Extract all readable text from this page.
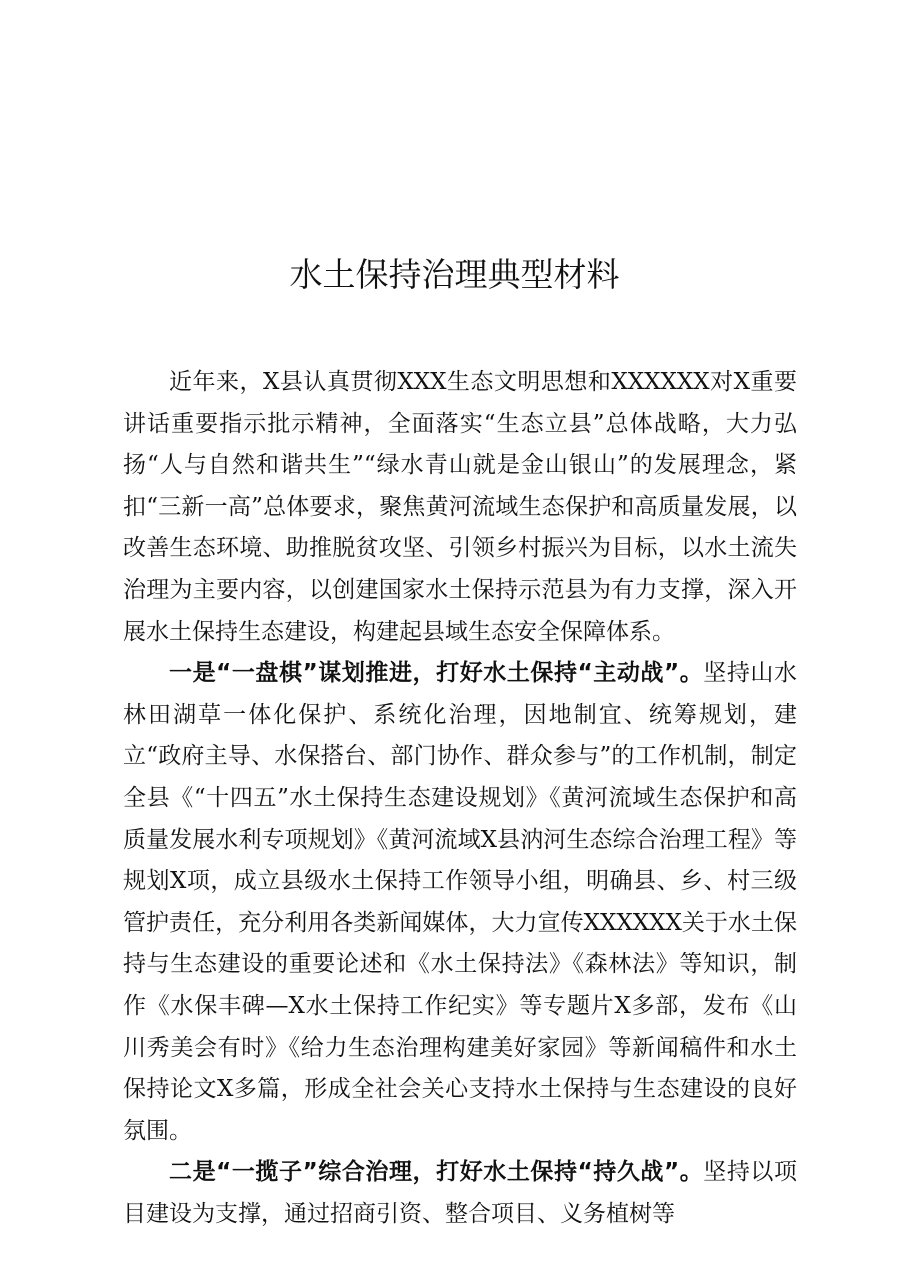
水土保持治理典型材料

近年来，X县认真贯彻XXX生态文明思想和XXXXXX对X重要讲话重要指示批示精神，全面落实“生态立县”总体战略，大力弘扬“人与自然和谐共生”“绿水青山就是金山银山”的发展理念，紧扣“三新一高”总体要求，聚焦黄河流域生态保护和高质量发展，以改善生态环境、助推脱贫攻坚、引领乡村振兴为目标，以水土流失治理为主要内容，以创建国家水土保持示范县为有力支撑，深入开展水土保持生态建设，构建起县域生态安全保障体系。

一是“一盘棋”谋划推进，打好水土保持“主动战”。坚持山水林田湖草一体化保护、系统化治理，因地制宜、统筹规划，建立“政府主导、水保搭台、部门协作、群众参与”的工作机制，制定全县《“十四五”水土保持生态建设规划》《黄河流域生态保护和高质量发展水利专项规划》《黄河流域X县汭河生态综合治理工程》等规划X项，成立县级水土保持工作领导小组，明确县、乡、村三级管护责任，充分利用各类新闻媒体，大力宣传XXXXXX关于水土保持与生态建设的重要论述和《水土保持法》《森林法》等知识，制作《水保丰碑—X水土保持工作纪实》等专题片X多部，发布《山川秀美会有时》《给力生态治理构建美好家园》等新闻稿件和水土保持论文X多篇，形成全社会关心支持水土保持与生态建设的良好氛围。

二是“一揽子”综合治理，打好水土保持“持久战”。坚持以项目建设为支撑，通过招商引资、整合项目、义务植树等
